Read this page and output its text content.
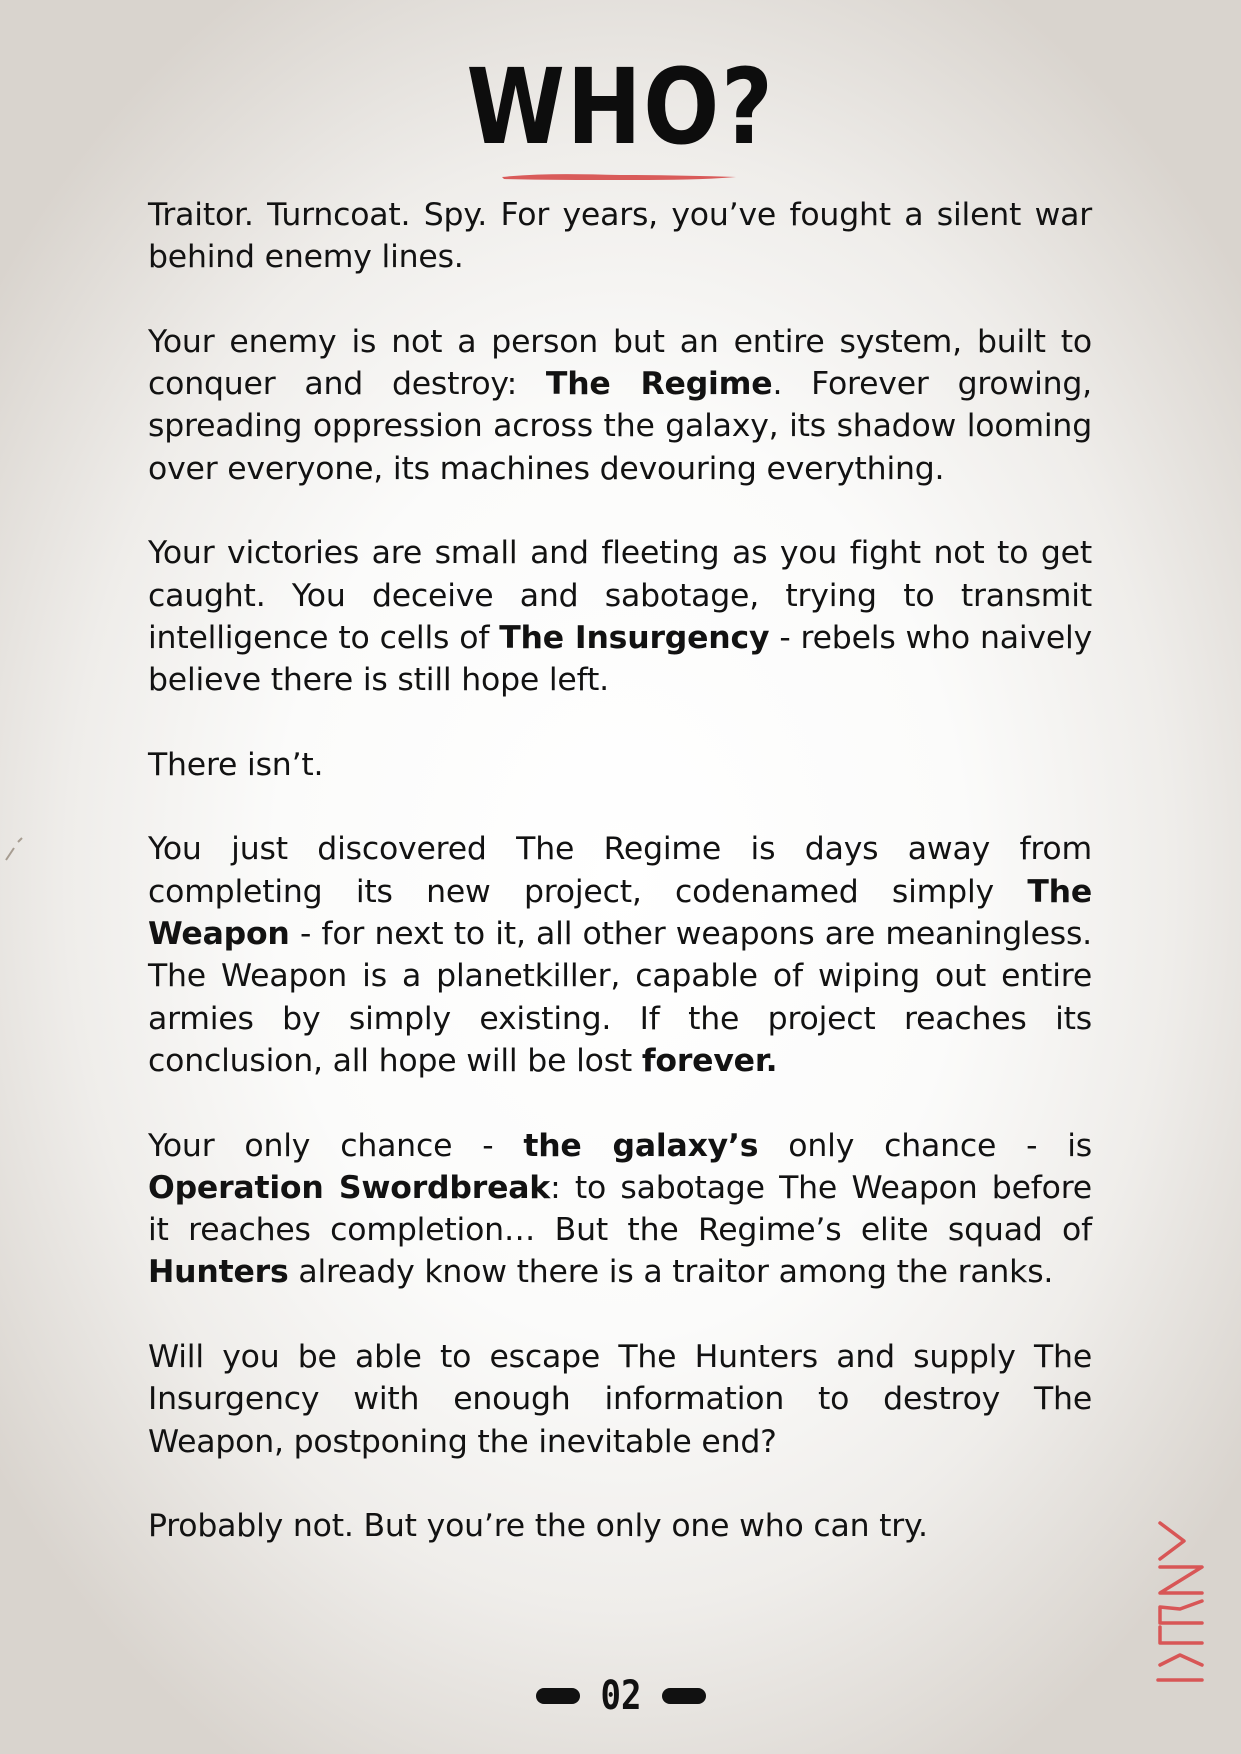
WHO?

Traitor. Turncoat. Spy. For years, you’ve fought a silent war behind enemy lines.

Your enemy is not a person but an entire system, built to conquer and destroy: The Regime. Forever growing, spreading oppression across the galaxy, its shadow looming over everyone, its machines devouring everything.

Your victories are small and fleeting as you fight not to get caught. You deceive and sabotage, trying to transmit intelligence to cells of The Insurgency - rebels who naively believe there is still hope left.

There isn’t.

You just discovered The Regime is days away from completing its new project, codenamed simply The Weapon - for next to it, all other weapons are meaningless. The Weapon is a planetkiller, capable of wiping out entire armies by simply existing. If the project reaches its conclusion, all hope will be lost forever.

Your only chance - the galaxy’s only chance - is Operation Swordbreak: to sabotage The Weapon before it reaches completion… But the Regime’s elite squad of Hunters already know there is a traitor among the ranks.

Will you be able to escape The Hunters and supply The Insurgency with enough information to destroy The Weapon, postponing the inevitable end?

Probably not. But you’re the only one who can try.

02
